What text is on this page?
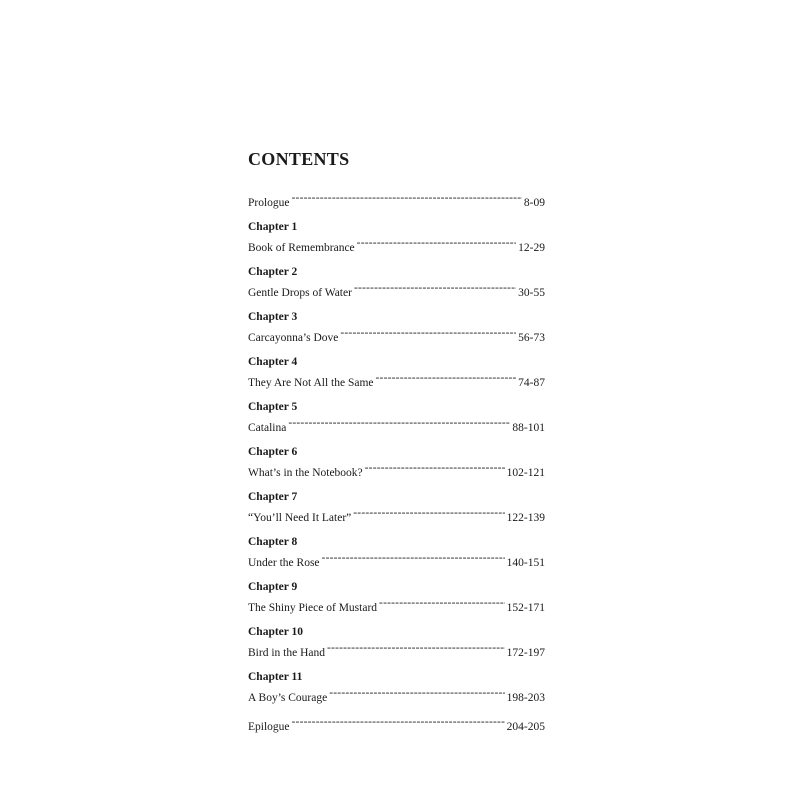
CONTENTS
Prologue -----	8-09
Chapter 1
Book of Remembrance -----	12-29
Chapter 2
Gentle Drops of Water -----	30-55
Chapter 3
Carcayonna’s Dove -----	56-73
Chapter 4
They Are Not All the Same -----	74-87
Chapter 5
Catalina -----	88-101
Chapter 6
What’s in the Notebook? -----	102-121
Chapter 7
“You’ll Need It Later” -----	122-139
Chapter 8
Under the Rose -----	140-151
Chapter 9
The Shiny Piece of Mustard -----	152-171
Chapter 10
Bird in the Hand -----	172-197
Chapter 11
A Boy’s Courage -----	198-203
Epilogue -----	204-205
